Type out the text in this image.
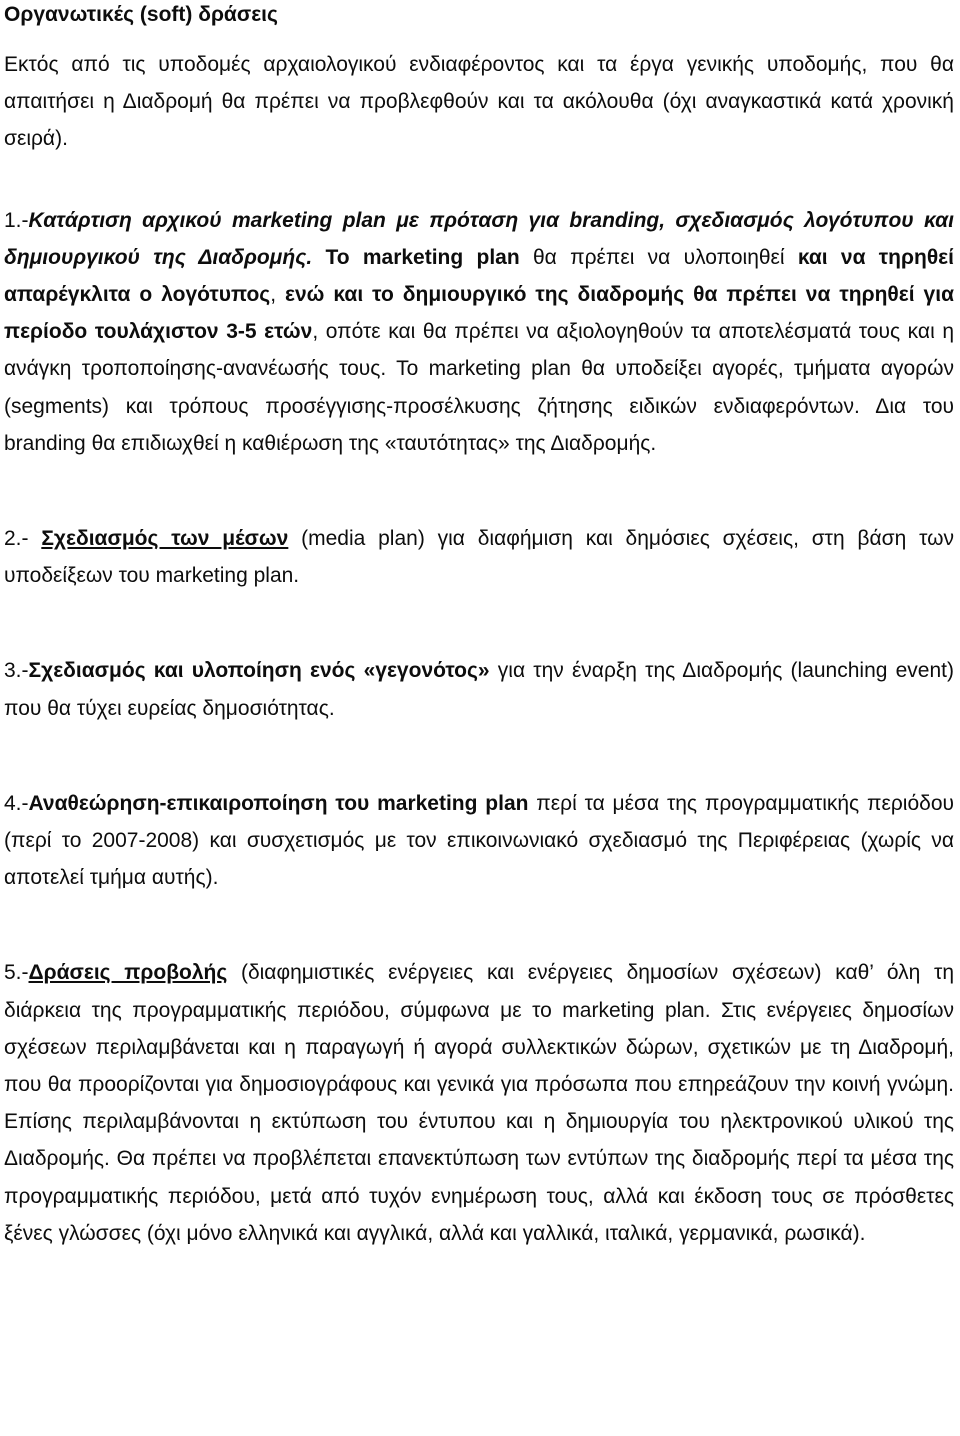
Οργανωτικές (soft) δράσεις

Εκτός από τις υποδομές αρχαιολογικού ενδιαφέροντος και τα έργα γενικής υποδομής, που θα απαιτήσει η Διαδρομή θα πρέπει να προβλεφθούν και τα ακόλουθα (όχι αναγκαστικά κατά χρονική σειρά).

1.-Κατάρτιση αρχικού marketing plan με πρόταση για branding, σχεδιασμός λογότυπου και δημιουργικού της Διαδρομής. Το marketing plan θα πρέπει να υλοποιηθεί και να τηρηθεί απαρέγκλιτα ο λογότυπος, ενώ και το δημιουργικό της διαδρομής θα πρέπει να τηρηθεί για περίοδο τουλάχιστον 3-5 ετών, οπότε και θα πρέπει να αξιολογηθούν τα αποτελέσματά τους και η ανάγκη τροποποίησης-ανανέωσής τους. Το marketing plan θα υποδείξει αγορές, τμήματα αγορών (segments) και τρόπους προσέγγισης-προσέλκυσης ζήτησης ειδικών ενδιαφερόντων. Δια του branding θα επιδιωχθεί η καθιέρωση της «ταυτότητας» της Διαδρομής.

2.- Σχεδιασμός των μέσων (media plan) για διαφήμιση και δημόσιες σχέσεις, στη βάση των υποδείξεων του marketing plan.

3.-Σχεδιασμός και υλοποίηση ενός «γεγονότος» για την έναρξη της Διαδρομής (launching event) που θα τύχει ευρείας δημοσιότητας.

4.-Αναθεώρηση-επικαιροποίηση του marketing plan περί τα μέσα της προγραμματικής περιόδου (περί το 2007-2008) και συσχετισμός με τον επικοινωνιακό σχεδιασμό της Περιφέρειας (χωρίς να αποτελεί τμήμα αυτής).

5.-Δράσεις προβολής (διαφημιστικές ενέργειες και ενέργειες δημοσίων σχέσεων) καθ’ όλη τη διάρκεια της προγραμματικής περιόδου, σύμφωνα με το marketing plan. Στις ενέργειες δημοσίων σχέσεων περιλαμβάνεται και η παραγωγή ή αγορά συλλεκτικών δώρων, σχετικών με τη Διαδρομή, που θα προορίζονται για δημοσιογράφους και γενικά για πρόσωπα που επηρεάζουν την κοινή γνώμη. Επίσης περιλαμβάνονται η εκτύπωση του έντυπου και η δημιουργία του ηλεκτρονικού υλικού της Διαδρομής. Θα πρέπει να προβλέπεται επανεκτύπωση των εντύπων της διαδρομής περί τα μέσα της προγραμματικής περιόδου, μετά από τυχόν ενημέρωση τους, αλλά και έκδοση τους σε πρόσθετες ξένες γλώσσες (όχι μόνο ελληνικά και αγγλικά, αλλά και γαλλικά, ιταλικά, γερμανικά, ρωσικά).
